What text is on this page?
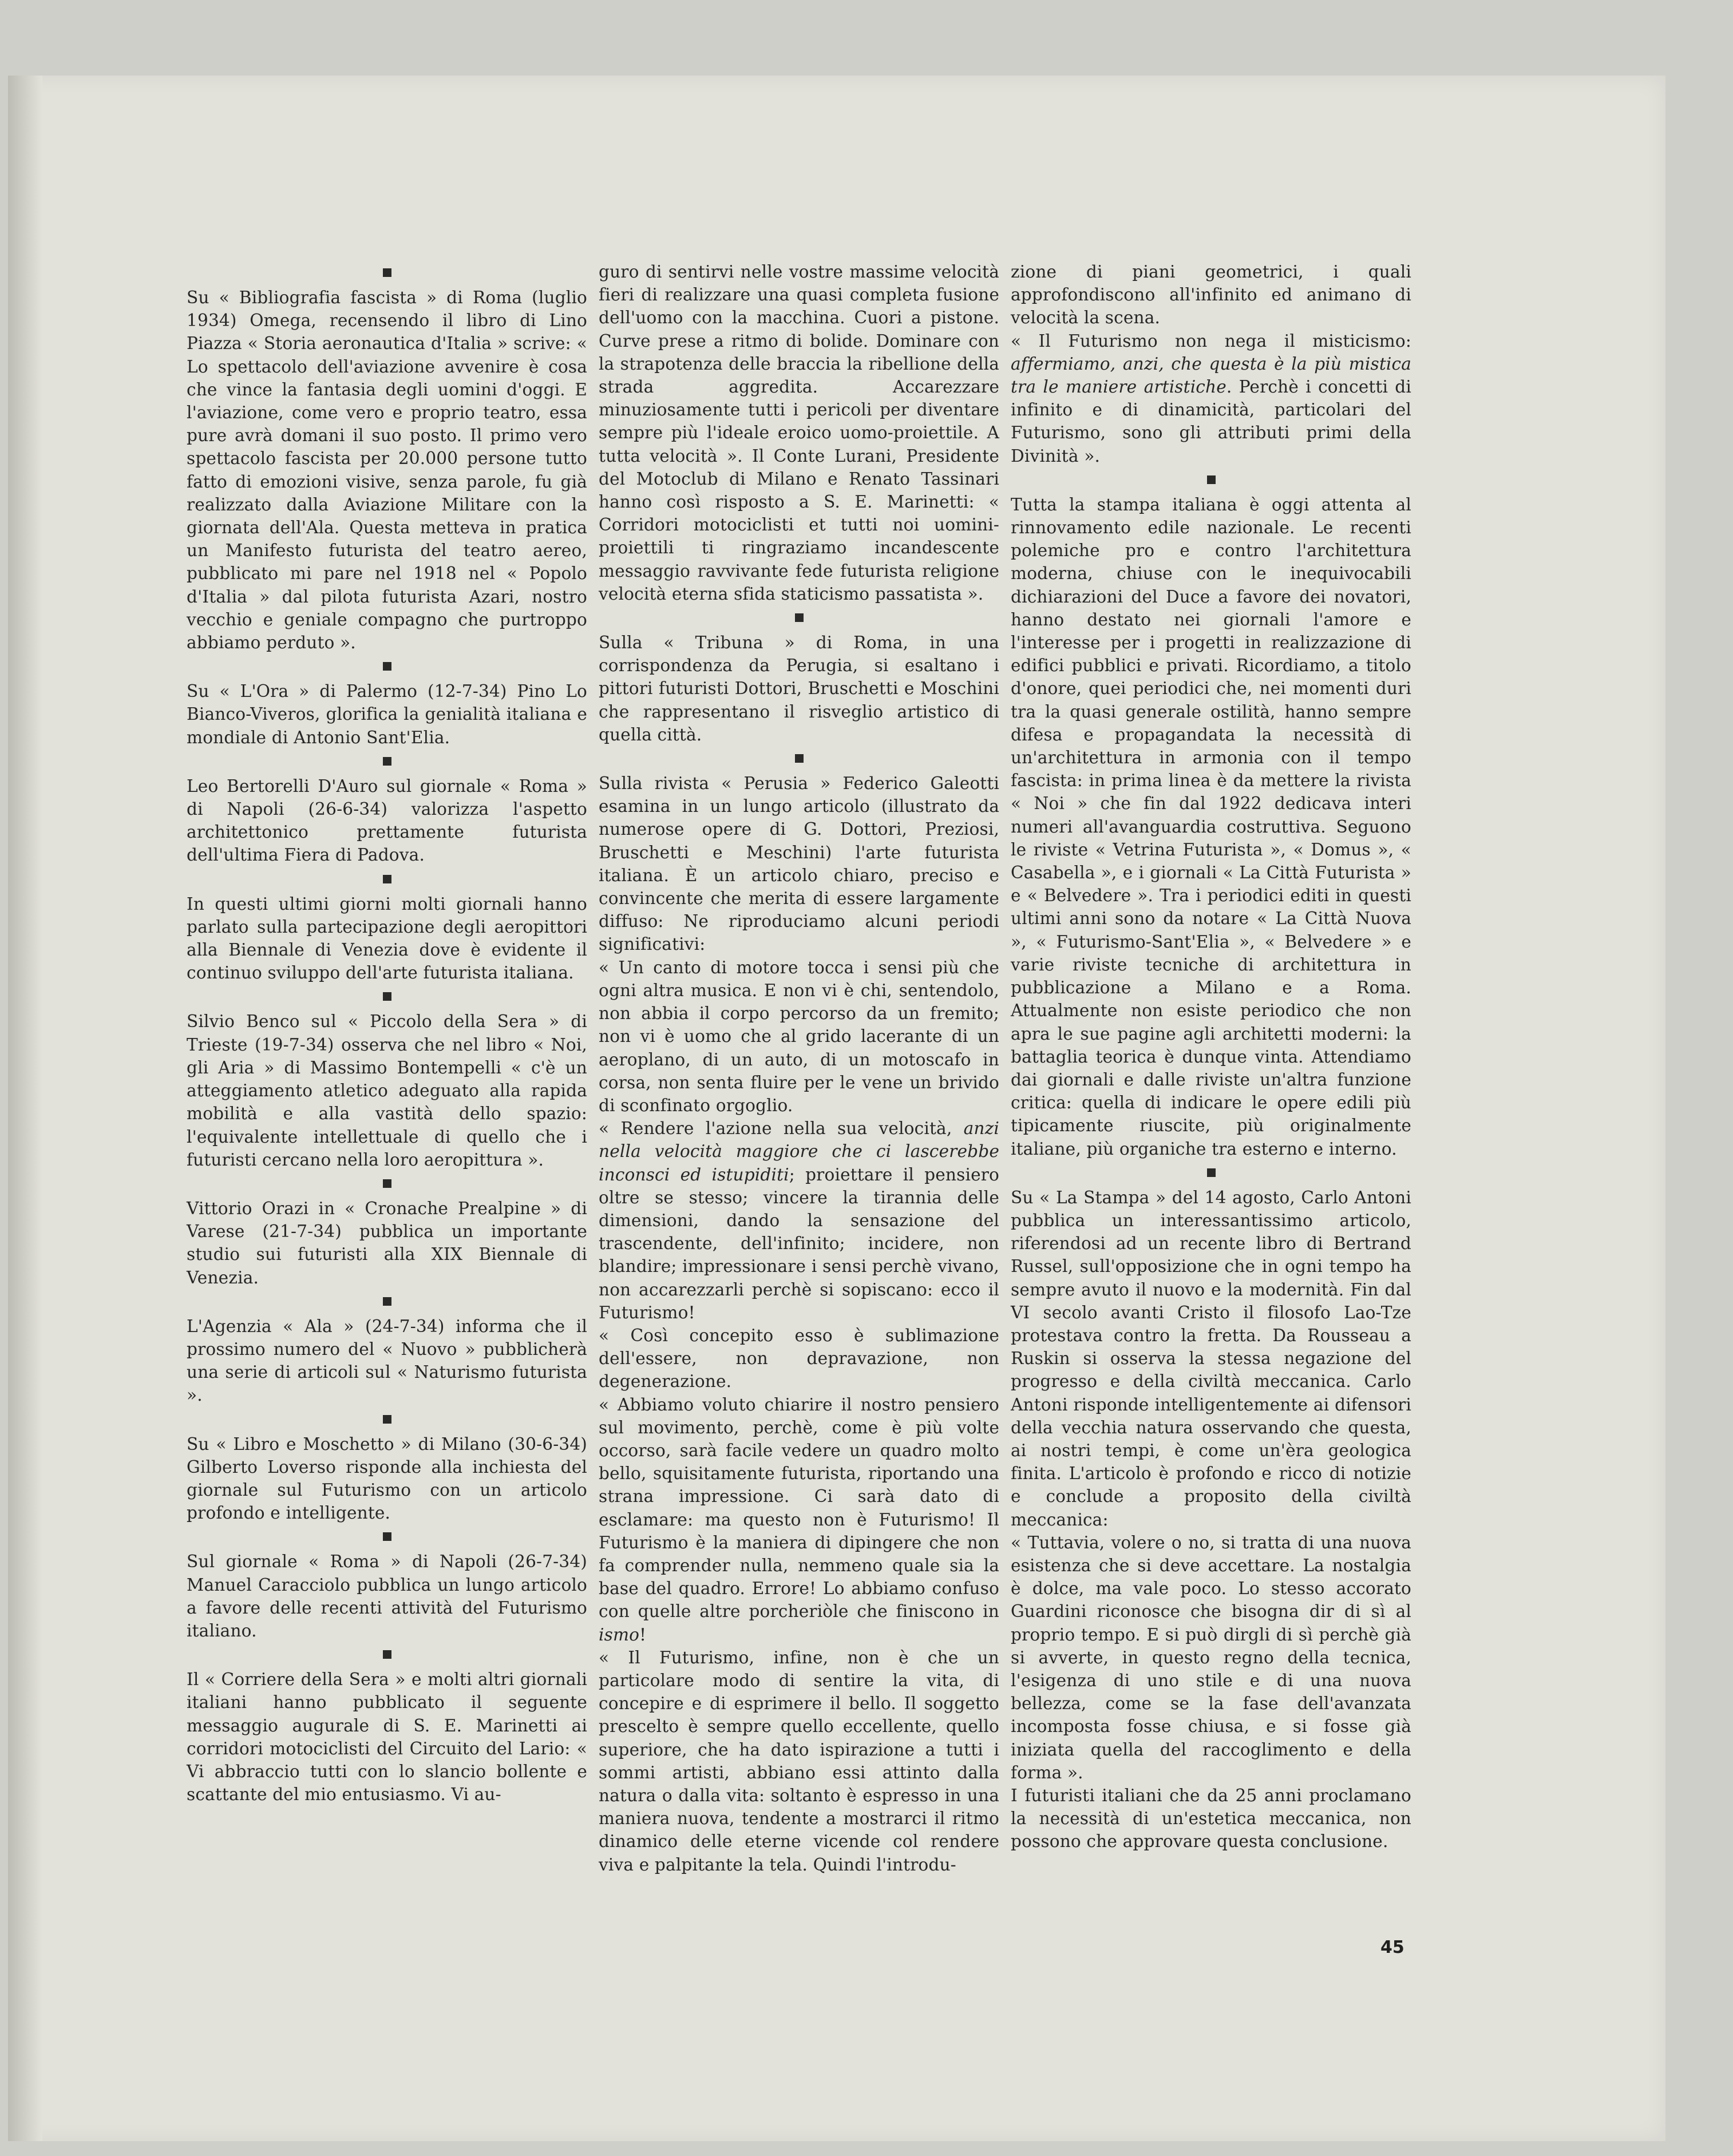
Su « Bibliografia fascista » di Roma (luglio 1934) Omega, recensendo il libro di Lino Piazza « Storia aeronautica d'Italia » scrive: « Lo spettacolo dell'aviazione avvenire è cosa che vince la fantasia degli uomini d'oggi. E l'aviazione, come vero e proprio teatro, essa pure avrà domani il suo posto. Il primo vero spettacolo fascista per 20.000 persone tutto fatto di emozioni visive, senza parole, fu già realizzato dalla Aviazione Militare con la giornata dell'Ala. Questa metteva in pratica un Manifesto futurista del teatro aereo, pubblicato mi pare nel 1918 nel « Popolo d'Italia » dal pilota futurista Azari, nostro vecchio e geniale compagno che purtroppo abbiamo perduto ».

Su « L'Ora » di Palermo (12-7-34) Pino Lo Bianco-Viveros, glorifica la genialità italiana e mondiale di Antonio Sant'Elia.

Leo Bertorelli D'Auro sul giornale « Roma » di Napoli (26-6-34) valorizza l'aspetto architettonico prettamente futurista dell'ultima Fiera di Padova.

In questi ultimi giorni molti giornali hanno parlato sulla partecipazione degli aeropittori alla Biennale di Venezia dove è evidente il continuo sviluppo dell'arte futurista italiana.

Silvio Benco sul « Piccolo della Sera » di Trieste (19-7-34) osserva che nel libro « Noi, gli Aria » di Massimo Bontempelli « c'è un atteggiamento atletico adeguato alla rapida mobilità e alla vastità dello spazio: l'equivalente intellettuale di quello che i futuristi cercano nella loro aeropittura ».

Vittorio Orazi in « Cronache Prealpine » di Varese (21-7-34) pubblica un importante studio sui futuristi alla XIX Biennale di Venezia.

L'Agenzia « Ala » (24-7-34) informa che il prossimo numero del « Nuovo » pubblicherà una serie di articoli sul « Naturismo futurista ».

Su « Libro e Moschetto » di Milano (30-6-34) Gilberto Loverso risponde alla inchiesta del giornale sul Futurismo con un articolo profondo e intelligente.

Sul giornale « Roma » di Napoli (26-7-34) Manuel Caracciolo pubblica un lungo articolo a favore delle recenti attività del Futurismo italiano.

Il « Corriere della Sera » e molti altri giornali italiani hanno pubblicato il seguente messaggio augurale di S. E. Marinetti ai corridori motociclisti del Circuito del Lario: « Vi abbraccio tutti con lo slancio bollente e scattante del mio entusiasmo. Vi au-

guro di sentirvi nelle vostre massime velocità fieri di realizzare una quasi completa fusione dell'uomo con la macchina. Cuori a pistone. Curve prese a ritmo di bolide. Dominare con la strapotenza delle braccia la ribellione della strada aggredita. Accarezzare minuziosamente tutti i pericoli per diventare sempre più l'ideale eroico uomo-proiettile. A tutta velocità ». Il Conte Lurani, Presidente del Motoclub di Milano e Renato Tassinari hanno così risposto a S. E. Marinetti: « Corridori motociclisti et tutti noi uomini-proiettili ti ringraziamo incandescente messaggio ravvivante fede futurista religione velocità eterna sfida staticismo passatista ».

Sulla « Tribuna » di Roma, in una corrispondenza da Perugia, si esaltano i pittori futuristi Dottori, Bruschetti e Moschini che rappresentano il risveglio artistico di quella città.

Sulla rivista « Perusia » Federico Galeotti esamina in un lungo articolo (illustrato da numerose opere di G. Dottori, Preziosi, Bruschetti e Meschini) l'arte futurista italiana. È un articolo chiaro, preciso e convincente che merita di essere largamente diffuso: Ne riproduciamo alcuni periodi significativi:

« Un canto di motore tocca i sensi più che ogni altra musica. E non vi è chi, sentendolo, non abbia il corpo percorso da un fremito; non vi è uomo che al grido lacerante di un aeroplano, di un auto, di un motoscafo in corsa, non senta fluire per le vene un brivido di sconfinato orgoglio.

« Rendere l'azione nella sua velocità, anzi nella velocità maggiore che ci lascerebbe inconsci ed istupiditi; proiettare il pensiero oltre se stesso; vincere la tirannia delle dimensioni, dando la sensazione del trascendente, dell'infinito; incidere, non blandire; impressionare i sensi perchè vivano, non accarezzarli perchè si sopiscano: ecco il Futurismo!

« Così concepito esso è sublimazione dell'essere, non depravazione, non degenerazione.

« Abbiamo voluto chiarire il nostro pensiero sul movimento, perchè, come è più volte occorso, sarà facile vedere un quadro molto bello, squisitamente futurista, riportando una strana impressione. Ci sarà dato di esclamare: ma questo non è Futurismo! Il Futurismo è la maniera di dipingere che non fa comprender nulla, nemmeno quale sia la base del quadro. Errore! Lo abbiamo confuso con quelle altre porcheriòle che finiscono in ismo!

« Il Futurismo, infine, non è che un particolare modo di sentire la vita, di concepire e di esprimere il bello. Il soggetto prescelto è sempre quello eccellente, quello superiore, che ha dato ispirazione a tutti i sommi artisti, abbiano essi attinto dalla natura o dalla vita: soltanto è espresso in una maniera nuova, tendente a mostrarci il ritmo dinamico delle eterne vicende col rendere viva e palpitante la tela. Quindi l'introdu-

zione di piani geometrici, i quali approfondiscono all'infinito ed animano di velocità la scena.

« Il Futurismo non nega il misticismo: affermiamo, anzi, che questa è la più mistica tra le maniere artistiche. Perchè i concetti di infinito e di dinamicità, particolari del Futurismo, sono gli attributi primi della Divinità ».

Tutta la stampa italiana è oggi attenta al rinnovamento edile nazionale. Le recenti polemiche pro e contro l'architettura moderna, chiuse con le inequivocabili dichiarazioni del Duce a favore dei novatori, hanno destato nei giornali l'amore e l'interesse per i progetti in realizzazione di edifici pubblici e privati. Ricordiamo, a titolo d'onore, quei periodici che, nei momenti duri tra la quasi generale ostilità, hanno sempre difesa e propagandata la necessità di un'architettura in armonia con il tempo fascista: in prima linea è da mettere la rivista « Noi » che fin dal 1922 dedicava interi numeri all'avanguardia costruttiva. Seguono le riviste « Vetrina Futurista », « Domus », « Casabella », e i giornali « La Città Futurista » e « Belvedere ». Tra i periodici editi in questi ultimi anni sono da notare « La Città Nuova », « Futurismo-Sant'Elia », « Belvedere » e varie riviste tecniche di architettura in pubblicazione a Milano e a Roma. Attualmente non esiste periodico che non apra le sue pagine agli architetti moderni: la battaglia teorica è dunque vinta. Attendiamo dai giornali e dalle riviste un'altra funzione critica: quella di indicare le opere edili più tipicamente riuscite, più originalmente italiane, più organiche tra esterno e interno.

Su « La Stampa » del 14 agosto, Carlo Antoni pubblica un interessantissimo articolo, riferendosi ad un recente libro di Bertrand Russel, sull'opposizione che in ogni tempo ha sempre avuto il nuovo e la modernità. Fin dal VI secolo avanti Cristo il filosofo Lao-Tze protestava contro la fretta. Da Rousseau a Ruskin si osserva la stessa negazione del progresso e della civiltà meccanica. Carlo Antoni risponde intelligentemente ai difensori della vecchia natura osservando che questa, ai nostri tempi, è come un'èra geologica finita. L'articolo è profondo e ricco di notizie e conclude a proposito della civiltà meccanica:

« Tuttavia, volere o no, si tratta di una nuova esistenza che si deve accettare. La nostalgia è dolce, ma vale poco. Lo stesso accorato Guardini riconosce che bisogna dir di sì al proprio tempo. E si può dirgli di sì perchè già si avverte, in questo regno della tecnica, l'esigenza di uno stile e di una nuova bellezza, come se la fase dell'avanzata incomposta fosse chiusa, e si fosse già iniziata quella del raccoglimento e della forma ».

I futuristi italiani che da 25 anni proclamano la necessità di un'estetica meccanica, non possono che approvare questa conclusione.

45
